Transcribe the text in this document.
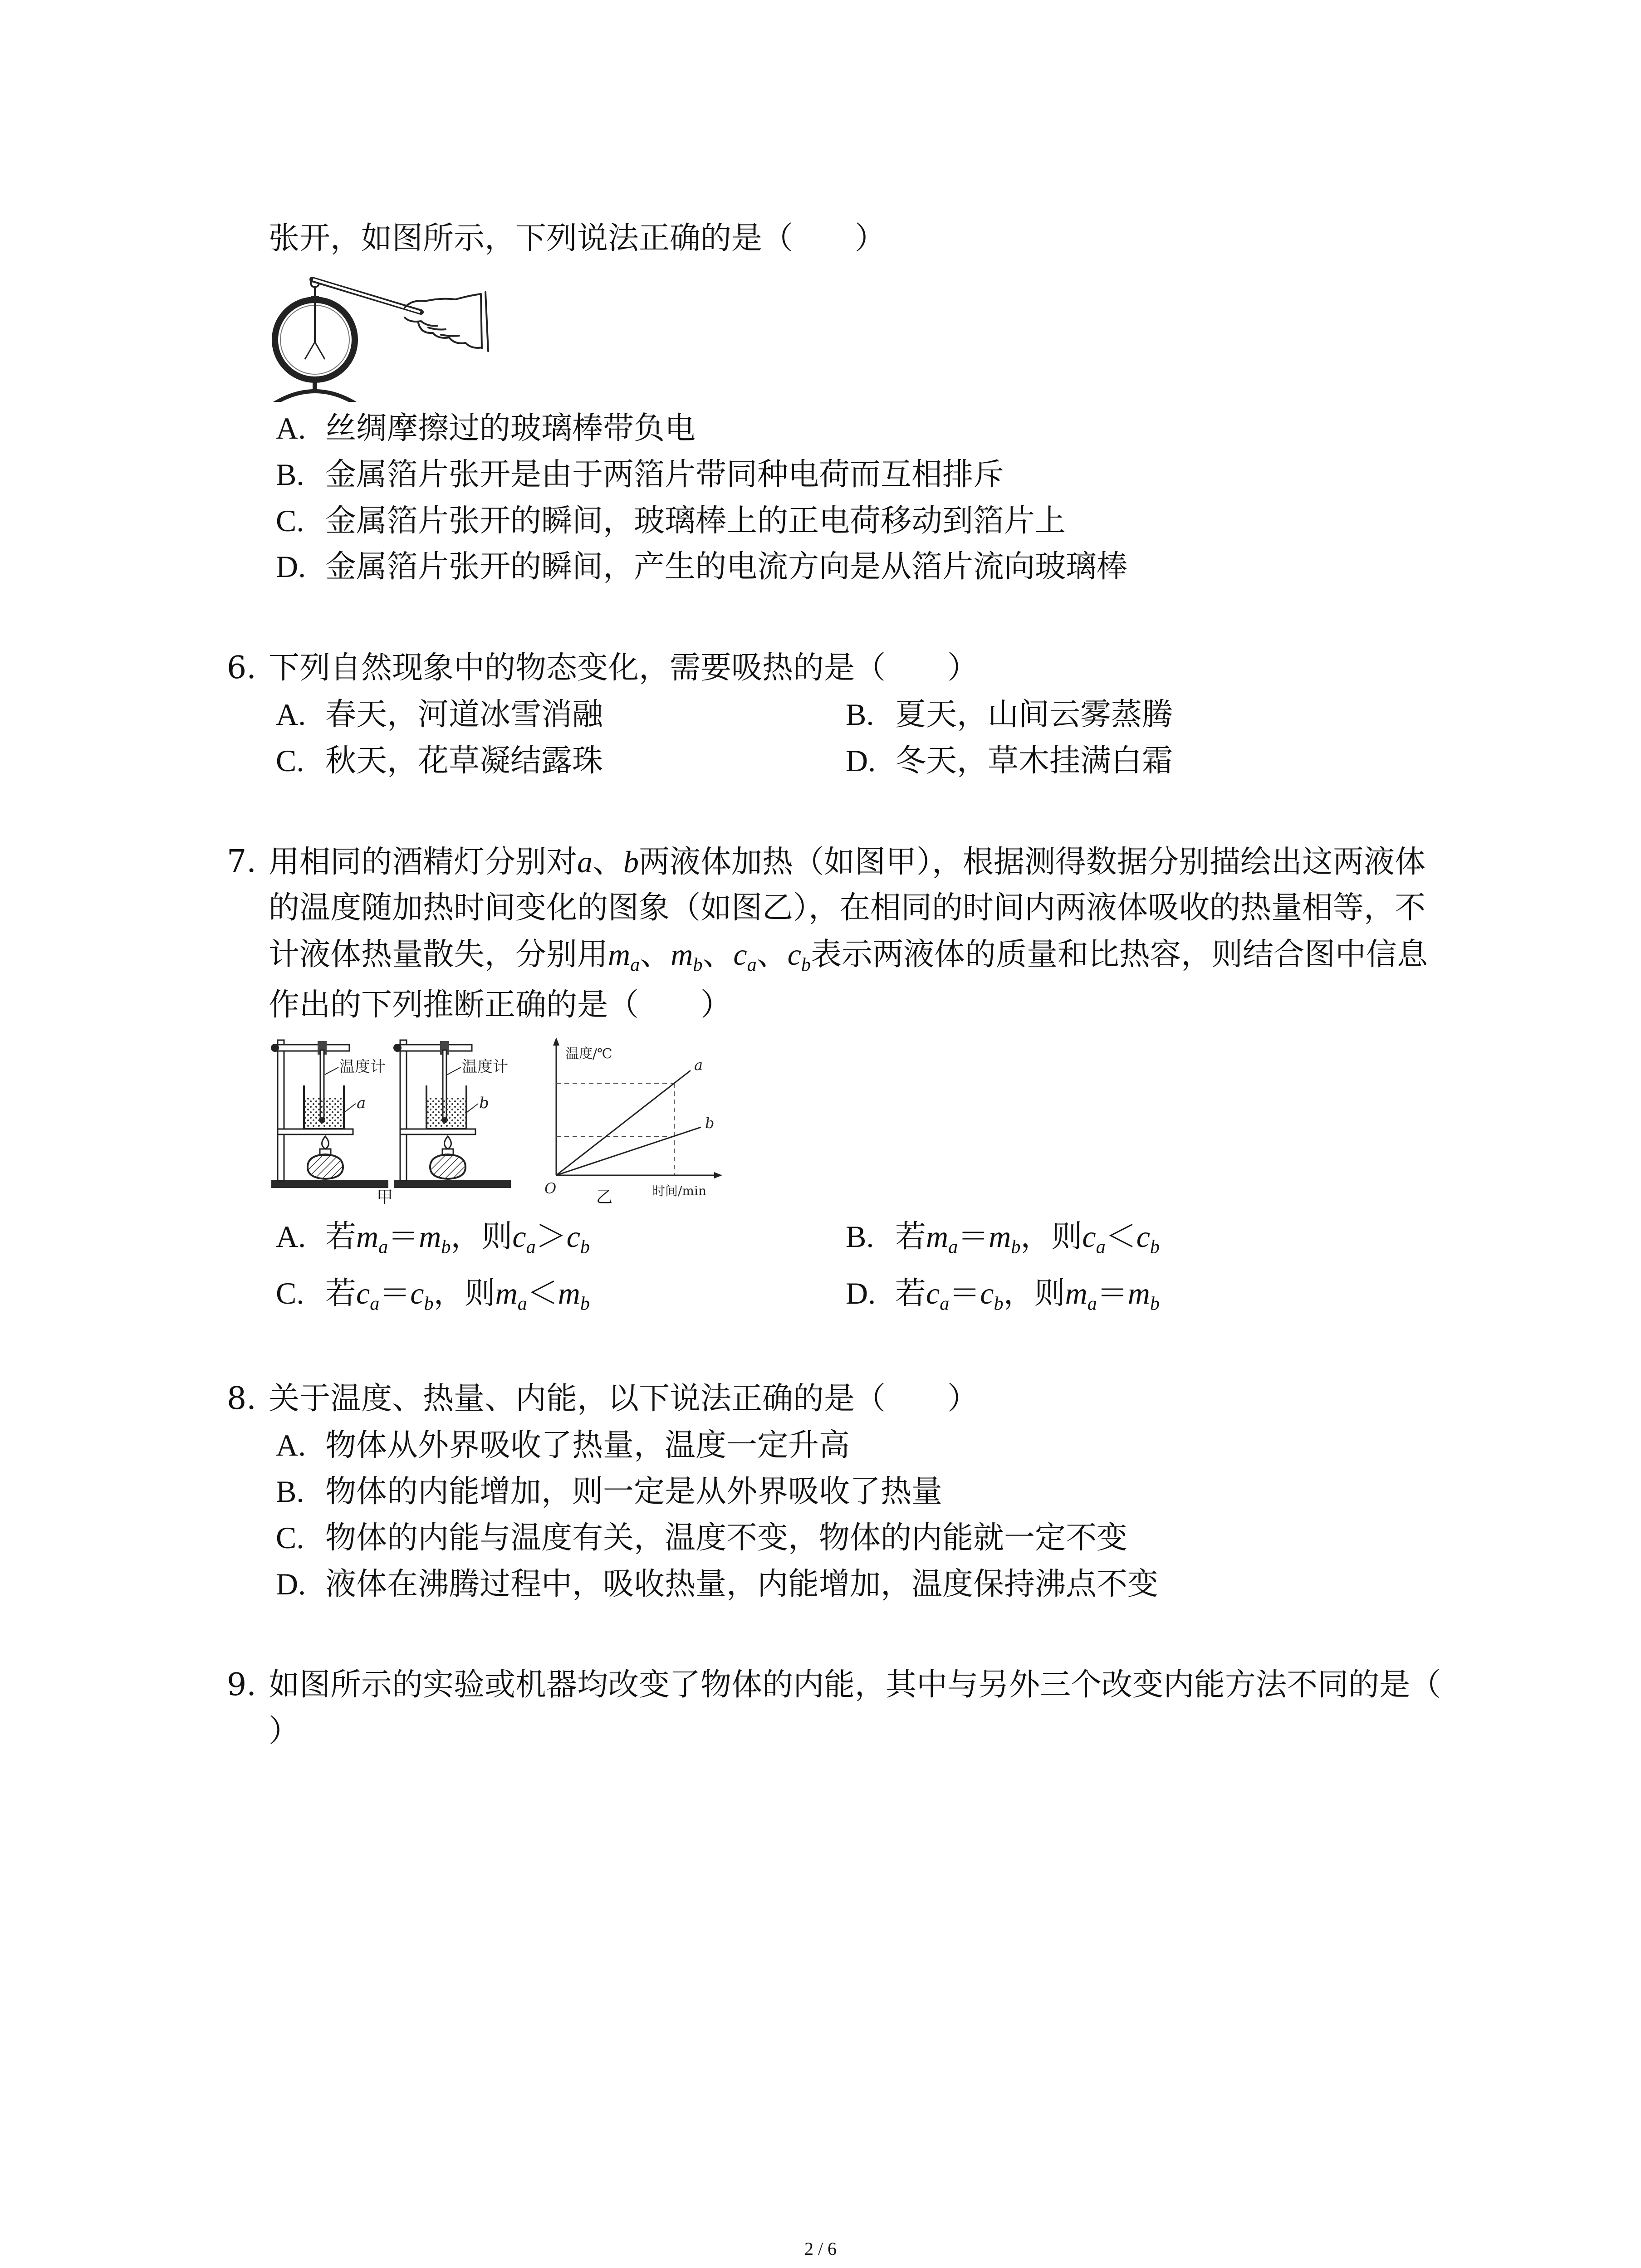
张开，如图所示，下列说法正确的是（　　）
A. 丝绸摩擦过的玻璃棒带负电
B. 金属箔片张开是由于两箔片带同种电荷而互相排斥
C. 金属箔片张开的瞬间，玻璃棒上的正电荷移动到箔片上
D. 金属箔片张开的瞬间，产生的电流方向是从箔片流向玻璃棒
6. 下列自然现象中的物态变化，需要吸热的是（　　）
A. 春天，河道冰雪消融	B. 夏天，山间云雾蒸腾
C. 秋天，花草凝结露珠	D. 冬天，草木挂满白霜
7. 用相同的酒精灯分别对a、b两液体加热（如图甲），根据测得数据分别描绘出这两液体
的温度随加热时间变化的图象（如图乙），在相同的时间内两液体吸收的热量相等，不
计液体热量散失，分别用ma、mb、ca、cb表示两液体的质量和比热容，则结合图中信息
作出的下列推断正确的是（　　）
温度计
a
温度计
b
甲
温度/℃
a
b
O	时间/min
乙
A. 若ma＝mb，则ca＞cb	B. 若ma＝mb，则ca＜cb
C. 若ca＝cb，则ma＜mb	D. 若ca＝cb，则ma＝mb
8. 关于温度、热量、内能，以下说法正确的是（　　）
A. 物体从外界吸收了热量，温度一定升高
B. 物体的内能增加，则一定是从外界吸收了热量
C. 物体的内能与温度有关，温度不变，物体的内能就一定不变
D. 液体在沸腾过程中，吸收热量，内能增加，温度保持沸点不变
9. 如图所示的实验或机器均改变了物体的内能，其中与另外三个改变内能方法不同的是（
）
2 / 6
